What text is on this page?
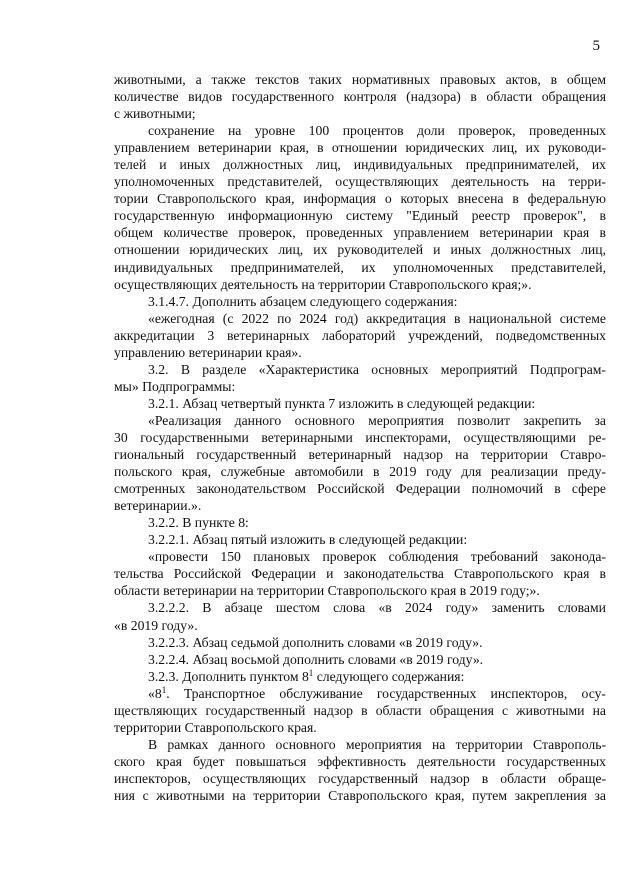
5
животными, а также текстов таких нормативных правовых актов, в общем
количестве видов государственного контроля (надзора) в области обращения
с животными;
сохранение на уровне 100 процентов доли проверок, проведенных
управлением ветеринарии края, в отношении юридических лиц, их руководи-
телей и иных должностных лиц, индивидуальных предпринимателей, их
уполномоченных представителей, осуществляющих деятельность на терри-
тории Ставропольского края, информация о которых внесена в федеральную
государственную информационную систему "Единый реестр проверок", в
общем количестве проверок, проведенных управлением ветеринарии края в
отношении юридических лиц, их руководителей и иных должностных лиц,
индивидуальных предпринимателей, их уполномоченных представителей,
осуществляющих деятельность на территории Ставропольского края;».
3.1.4.7. Дополнить абзацем следующего содержания:
«ежегодная (с 2022 по 2024 год) аккредитация в национальной системе
аккредитации 3 ветеринарных лабораторий учреждений, подведомственных
управлению ветеринарии края».
3.2. В разделе «Характеристика основных мероприятий Подпрограм-
мы» Подпрограммы:
3.2.1. Абзац четвертый пункта 7 изложить в следующей редакции:
«Реализация данного основного мероприятия позволит закрепить за
30 государственными ветеринарными инспекторами, осуществляющими ре-
гиональный государственный ветеринарный надзор на территории Ставро-
польского края, служебные автомобили в 2019 году для реализации преду-
смотренных законодательством Российской Федерации полномочий в сфере
ветеринарии.».
3.2.2. В пункте 8:
3.2.2.1. Абзац пятый изложить в следующей редакции:
«провести 150 плановых проверок соблюдения требований законода-
тельства Российской Федерации и законодательства Ставропольского края в
области ветеринарии на территории Ставропольского края в 2019 году;».
3.2.2.2. В абзаце шестом слова «в 2024 году» заменить словами
«в 2019 году».
3.2.2.3. Абзац седьмой дополнить словами «в 2019 году».
3.2.2.4. Абзац восьмой дополнить словами «в 2019 году».
3.2.3. Дополнить пунктом $8^1$ следующего содержания:
«$8^1$. Транспортное обслуживание государственных инспекторов, осу-
ществляющих государственный надзор в области обращения с животными на
территории Ставропольского края.
В рамках данного основного мероприятия на территории Ставрополь-
ского края будет повышаться эффективность деятельности государственных
инспекторов, осуществляющих государственный надзор в области обраще-
ния с животными на территории Ставропольского края, путем закрепления за
